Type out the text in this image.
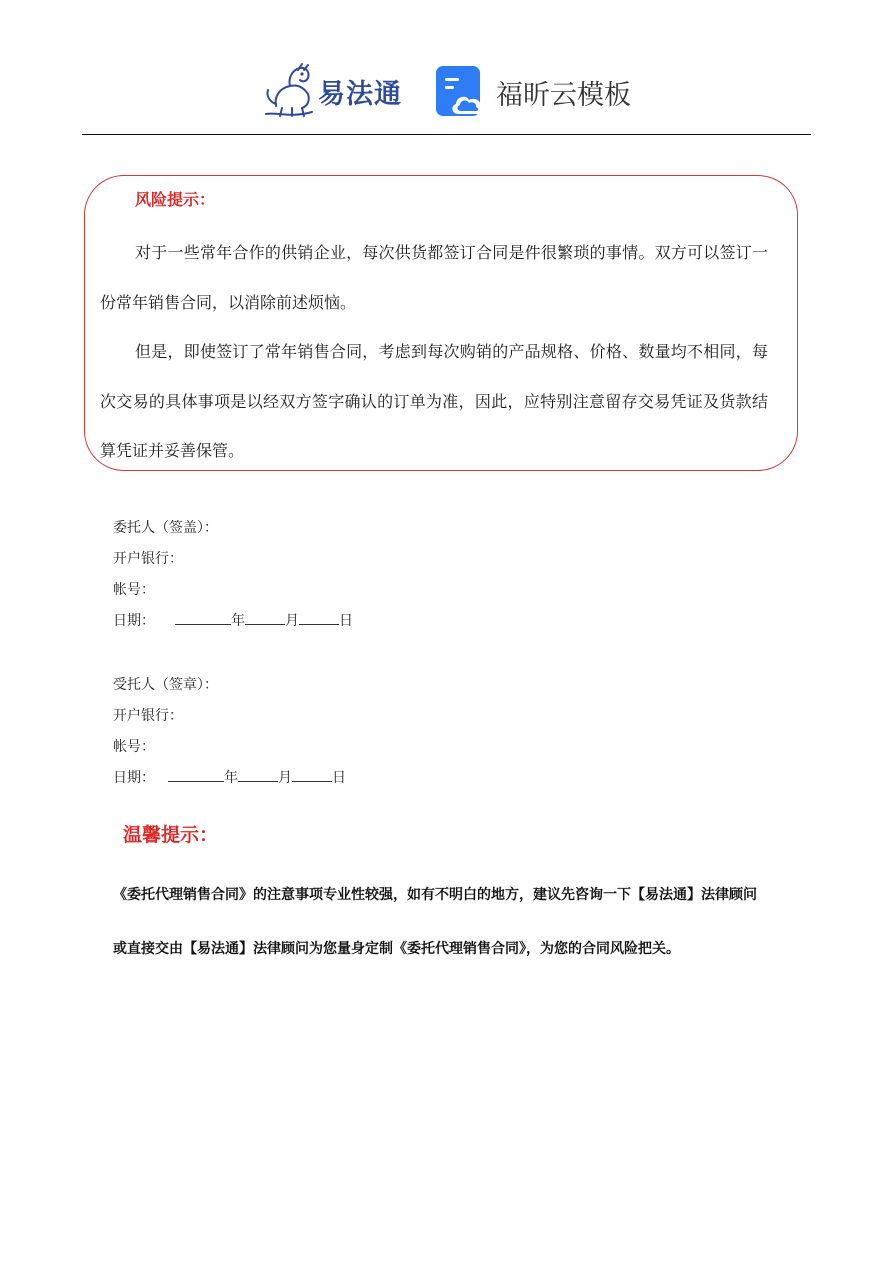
易法通	福昕云模板
风险提示：

对于一些常年合作的供销企业，每次供货都签订合同是件很繁琐的事情。双方可以签订一份常年销售合同，以消除前述烦恼。

但是，即使签订了常年销售合同，考虑到每次购销的产品规格、价格、数量均不相同，每次交易的具体事项是以经双方签字确认的订单为准，因此，应特别注意留存交易凭证及货款结算凭证并妥善保管。

委托人（签盖）：
开户银行：
帐号：
日期：	年	月	日
受托人（签章）：
开户银行：
帐号：
日期：	年	月	日
温馨提示：
《委托代理销售合同》的注意事项专业性较强，如有不明白的地方，建议先咨询一下【易法通】法律顾问
或直接交由【易法通】法律顾问为您量身定制《委托代理销售合同》，为您的合同风险把关。
